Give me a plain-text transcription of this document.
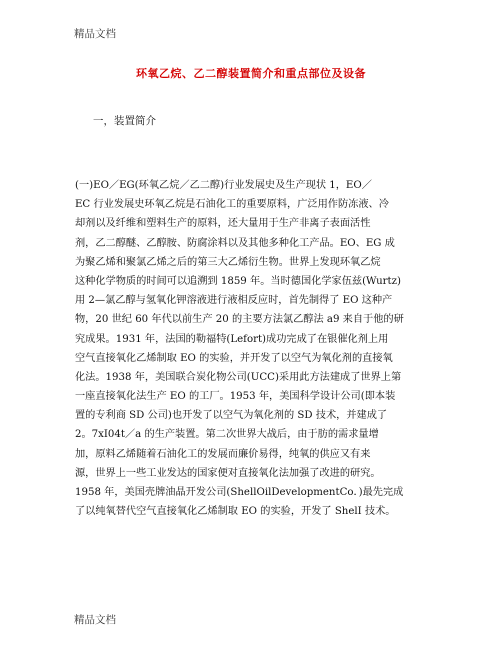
精品文档
环氧乙烷、乙二醇装置简介和重点部位及设备
一，装置简介
(一)EO／EG(环氧乙烷／乙二醇)行业发展史及生产现状 1，EO／
EC 行业发展史环氧乙烷是石油化工的重要原料，广泛用作防冻液、冷
却剂以及纤维和塑料生产的原料，还大量用于生产非离子表面活性
剂，乙二醇醚、乙醇胺、防腐涂料以及其他多种化工产品。EO、EG 成
为聚乙烯和聚氯乙烯之后的第三大乙烯衍生物。世界上发现环氧乙烷
这种化学物质的时间可以追溯到 1859 年。当时德国化学家伍兹(Wurtz)
用 2—氯乙醇与氢氧化钾溶液进行液相反应时，首先制得了 EO 这种产
物，20 世纪 60 年代以前生产 20 的主要方法氯乙醇法 a9 来自于他的研
究成果。1931 年，法国的勒福特(Lefort)成功完成了在银催化剂上用
空气直接氧化乙烯制取 EO 的实验，并开发了以空气为氧化剂的直接氧
化法。1938 年，美国联合炭化物公司(UCC)采用此方法建成了世界上第
一座直接氧化法生产 EO 的工厂。1953 年，美国科学设计公司(即本装
置的专利商 SD 公司)也开发了以空气为氧化剂的 SD 技术，并建成了
2。7xI04t／a 的生产装置。第二次世界大战后，由于肪的需求量增
加，原料乙烯随着石油化工的发展而廉价易得，纯氧的供应又有来
源，世界上一些工业发达的国家便对直接氧化法加强了改进的研究。
1958 年，美国壳牌油晶开发公司(ShellOilDevelopmentCo．)最先完成
了以纯氧替代空气直接氧化乙烯制取 EO 的实验，开发了 ShelI 技术。
精品文档
